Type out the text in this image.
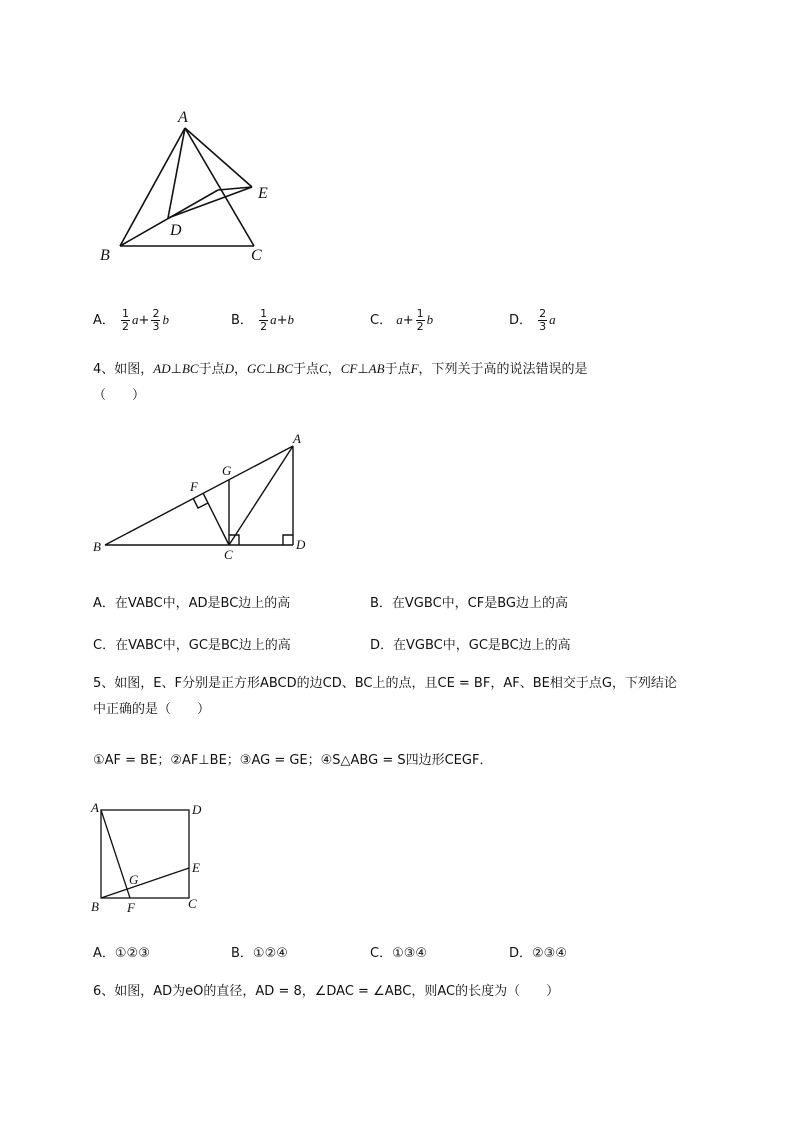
A
B	C
D
E
A． $\frac{1}{2} a+ \frac{2}{3}$ b	B． $\frac{1}{2} a+b$	C． $a+ \frac{1}{2}$ b	D． $\frac{2}{3}$ a
4、如图，AD⊥BC于点D，GC⊥BC于点C，CF⊥AB于点F，下列关于高的说法错误的是
（　　）
A
B
C
D
F
G
A．在VABC中，AD是BC边上的高	B．在VGBC中，CF是BG边上的高
C．在VABC中，GC是BC边上的高	D．在VGBC中，GC是BC边上的高
5、如图，E、F分别是正方形ABCD的边CD、BC上的点，且CE = BF，AF、BE相交于点G，下列结论
中正确的是（　　）
①AF = BE；②AF⊥BE；③AG = GE；④S△ABG = S四边形CEGF．
A	D
B	C
E
F
G
A．①②③	B．①②④	C．①③④	D．②③④
6、如图，AD为eO的直径，AD = 8，∠DAC = ∠ABC，则AC的长度为（　　）
